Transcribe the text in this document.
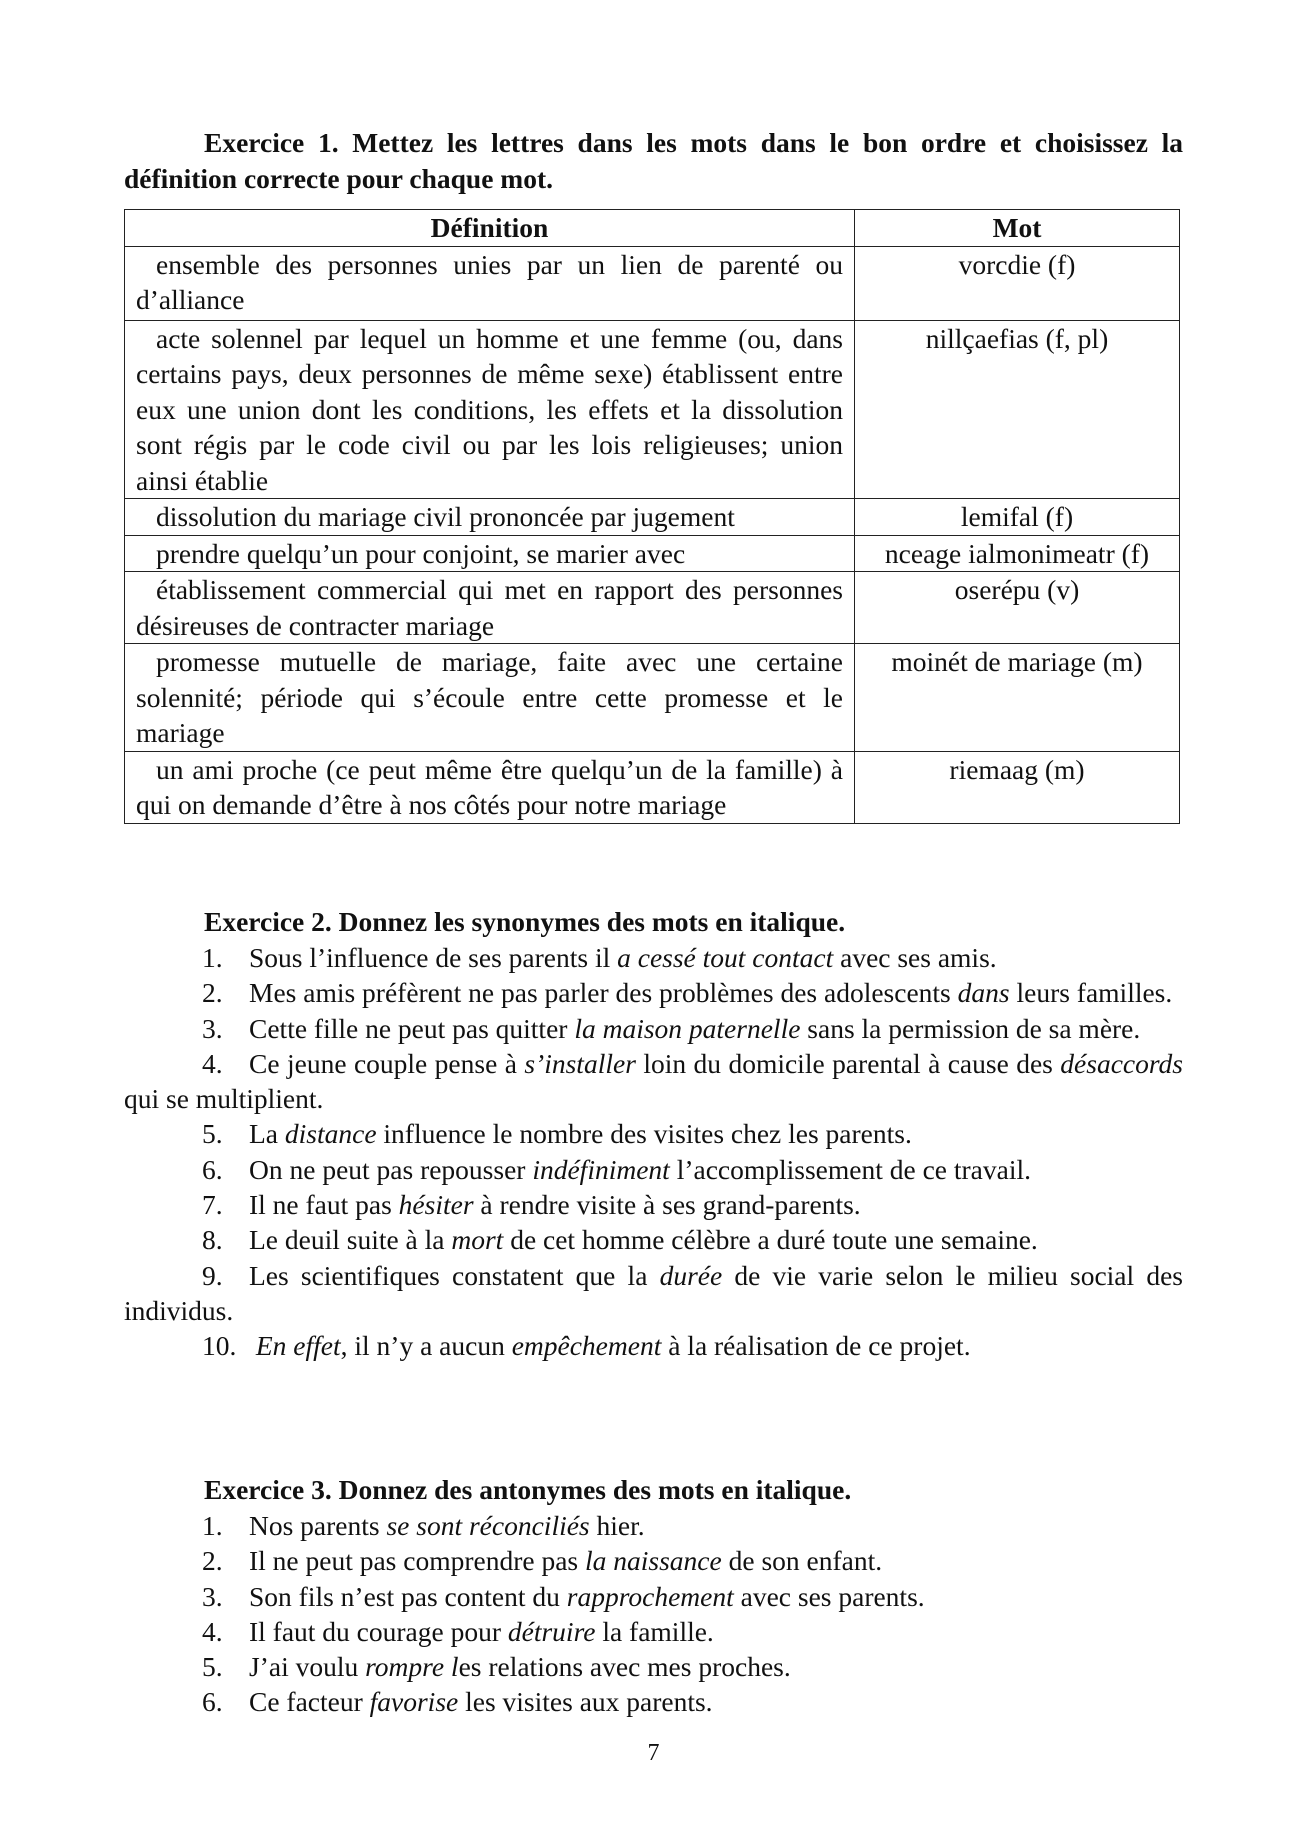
Exercice 1. Mettez les lettres dans les mots dans le bon ordre et choisissez la définition correcte pour chaque mot.

Définition	Mot
ensemble des personnes unies par un lien de parenté ou d’alliance	vorcdie (f)
acte solennel par lequel un homme et une femme (ou, dans certains pays, deux personnes de même sexe) établissent entre eux une union dont les conditions, les effets et la dissolution sont régis par le code civil ou par les lois religieuses; union ainsi établie	nillçaefias (f, pl)
dissolution du mariage civil prononcée par jugement	lemifal (f)
prendre quelqu’un pour conjoint, se marier avec	nceage ialmonimeatr (f)
établissement commercial qui met en rapport des personnes désireuses de contracter mariage	oserépu (v)
promesse mutuelle de mariage, faite avec une certaine solennité; période qui s’écoule entre cette promesse et le mariage	moinét de mariage (m)
un ami proche (ce peut même être quelqu’un de la famille) à qui on demande d’être à nos côtés pour notre mariage	riemaag (m)

Exercice 2. Donnez les synonymes des mots en italique.

1. Sous l’influence de ses parents il a cessé tout contact avec ses amis.

2. Mes amis préfèrent ne pas parler des problèmes des adolescents dans leurs familles.

3. Cette fille ne peut pas quitter la maison paternelle sans la permission de sa mère.

4. Ce jeune couple pense à s’installer loin du domicile parental à cause des désaccords qui se multiplient.

5. La distance influence le nombre des visites chez les parents.

6. On ne peut pas repousser indéfiniment l’accomplissement de ce travail.

7. Il ne faut pas hésiter à rendre visite à ses grand-parents.

8. Le deuil suite à la mort de cet homme célèbre a duré toute une semaine.

9. Les scientifiques constatent que la durée de vie varie selon le milieu social des individus.

10. En effet, il n’y a aucun empêchement à la réalisation de ce projet.

Exercice 3. Donnez des antonymes des mots en italique.

1. Nos parents se sont réconciliés hier.

2. Il ne peut pas comprendre pas la naissance de son enfant.

3. Son fils n’est pas content du rapprochement avec ses parents.

4. Il faut du courage pour détruire la famille.

5. J’ai voulu rompre les relations avec mes proches.

6. Ce facteur favorise les visites aux parents.

7
